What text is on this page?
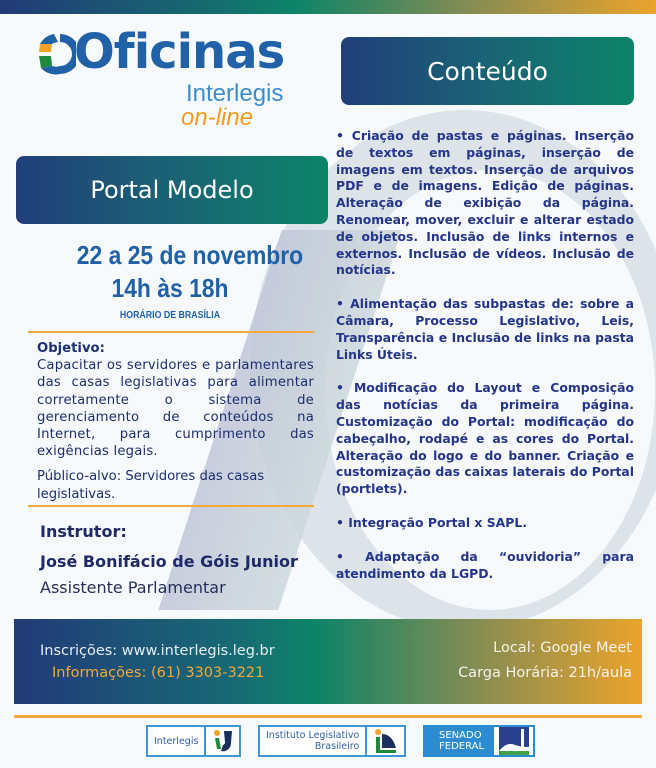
Oficinas
Interlegis
on-line
Conteúdo
Portal Modelo
22 a 25 de novembro
14h às 18h
HORÁRIO DE BRASÍLIA
Objetivo:
Capacitar os servidores e parlamentares das casas legislativas para alimentar corretamente o sistema de gerenciamento de conteúdos na Internet, para cumprimento das exigências legais.
Público-alvo: Servidores das casas legislativas.
Instrutor:
José Bonifácio de Góis Junior
Assistente Parlamentar

• Criação de pastas e páginas. Inserção de textos em páginas, inserção de imagens em textos. Inserção de arquivos PDF e de imagens. Edição de páginas. Alteração de exibição da página. Renomear, mover, excluir e alterar estado de objetos. Inclusão de links internos e externos. Inclusão de vídeos. Inclusão de notícias.

• Alimentação das subpastas de: sobre a Câmara, Processo Legislativo, Leis, Transparência e Inclusão de links na pasta Links Úteis.

• Modificação do Layout e Composição das notícias da primeira página. Customização do Portal: modificação do cabeçalho, rodapé e as cores do Portal. Alteração do logo e do banner. Criação e customização das caixas laterais do Portal (portlets).

• Integração Portal x SAPL.

• Adaptação da “ouvidoria” para atendimento da LGPD.

Inscrições: www.interlegis.leg.br
Informações: (61) 3303-3221
Local: Google Meet
Carga Horária: 21h/aula
Interlegis	Instituto Legislativo
Brasileiro
SENADO
FEDERAL
